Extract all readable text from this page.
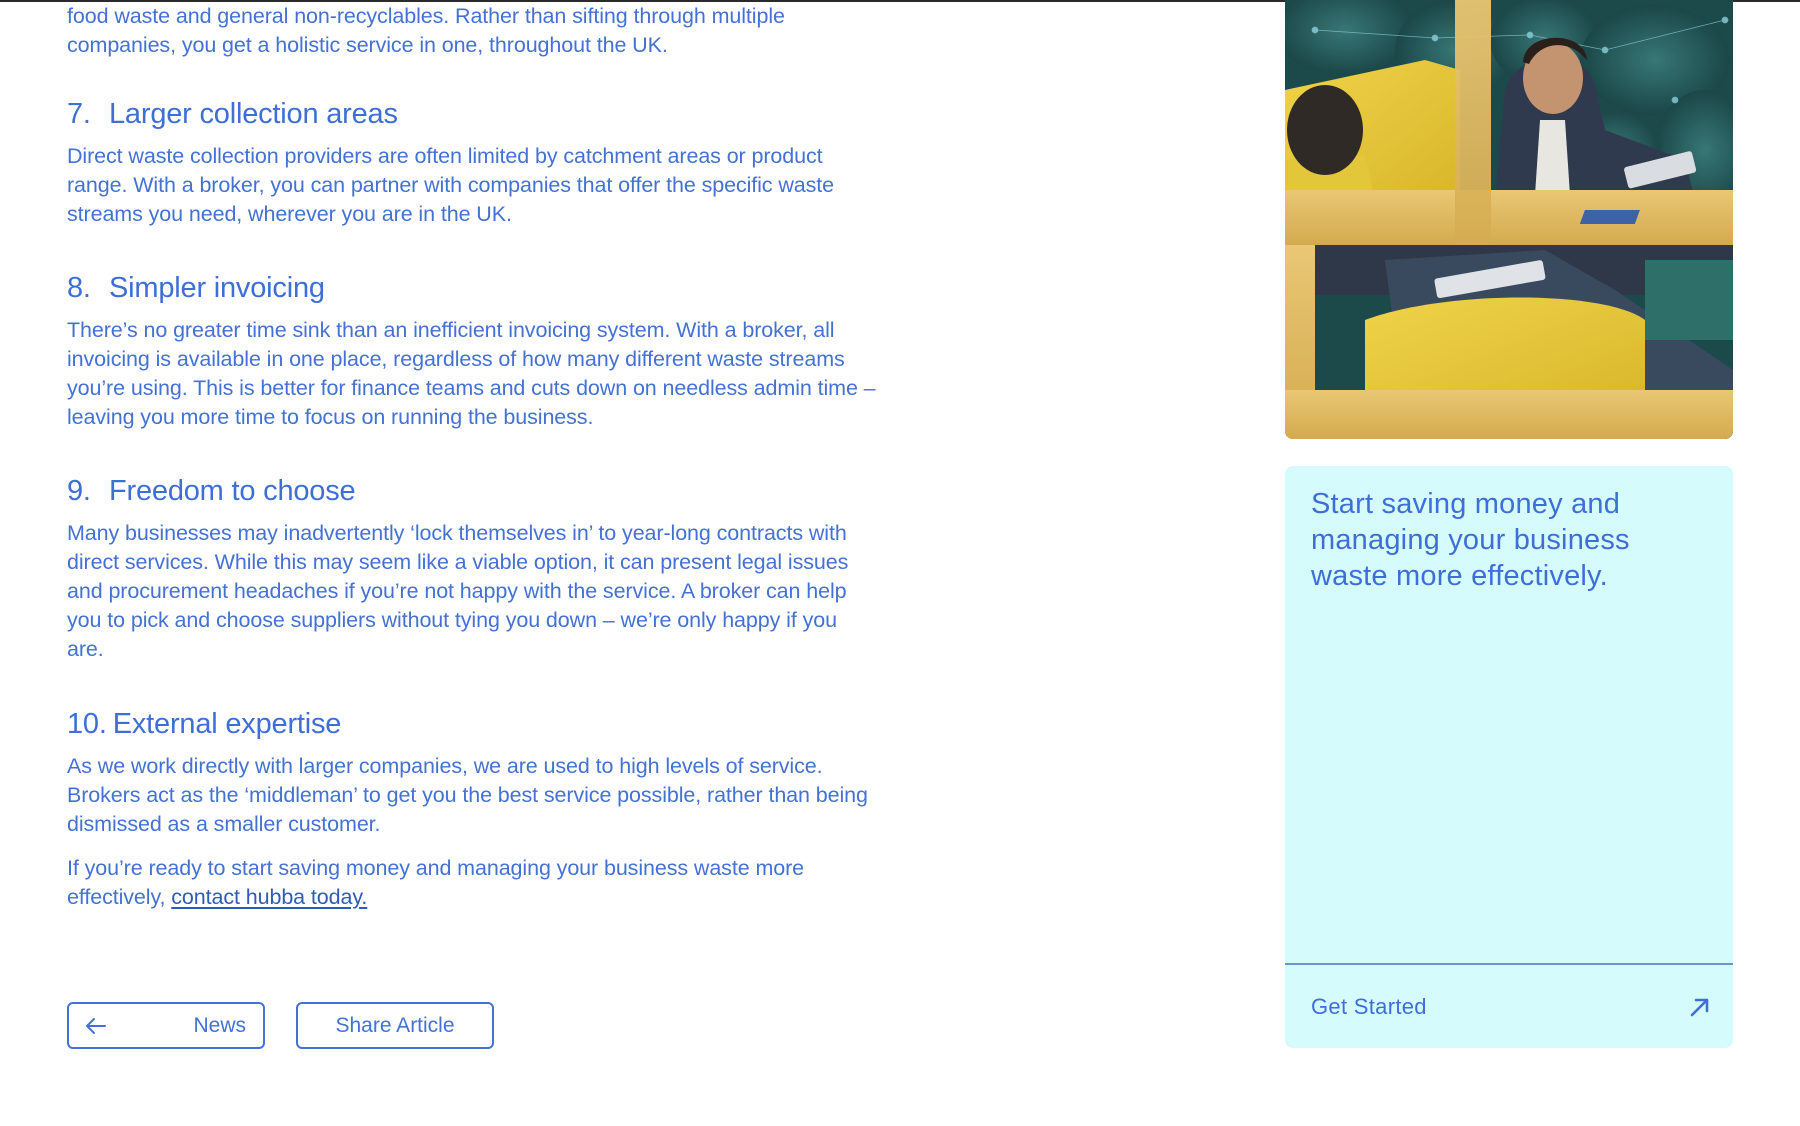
food waste and general non-recyclables. Rather than sifting through multiple companies, you get a holistic service in one, throughout the UK.

7. Larger collection areas

Direct waste collection providers are often limited by catchment areas or product range. With a broker, you can partner with companies that offer the specific waste streams you need, wherever you are in the UK.

8. Simpler invoicing

There’s no greater time sink than an inefficient invoicing system. With a broker, all invoicing is available in one place, regardless of how many different waste streams you’re using. This is better for finance teams and cuts down on needless admin time – leaving you more time to focus on running the business.

9. Freedom to choose

Many businesses may inadvertently ‘lock themselves in’ to year-long contracts with direct services. While this may seem like a viable option, it can present legal issues and procurement headaches if you’re not happy with the service. A broker can help you to pick and choose suppliers without tying you down – we’re only happy if you are.

10. External expertise

As we work directly with larger companies, we are used to high levels of service. Brokers act as the ‘middleman’ to get you the best service possible, rather than being dismissed as a smaller customer.

If you’re ready to start saving money and managing your business waste more effectively, contact hubba today.

News	Share Article
Start saving money and managing your business waste more effectively.
Get Started
